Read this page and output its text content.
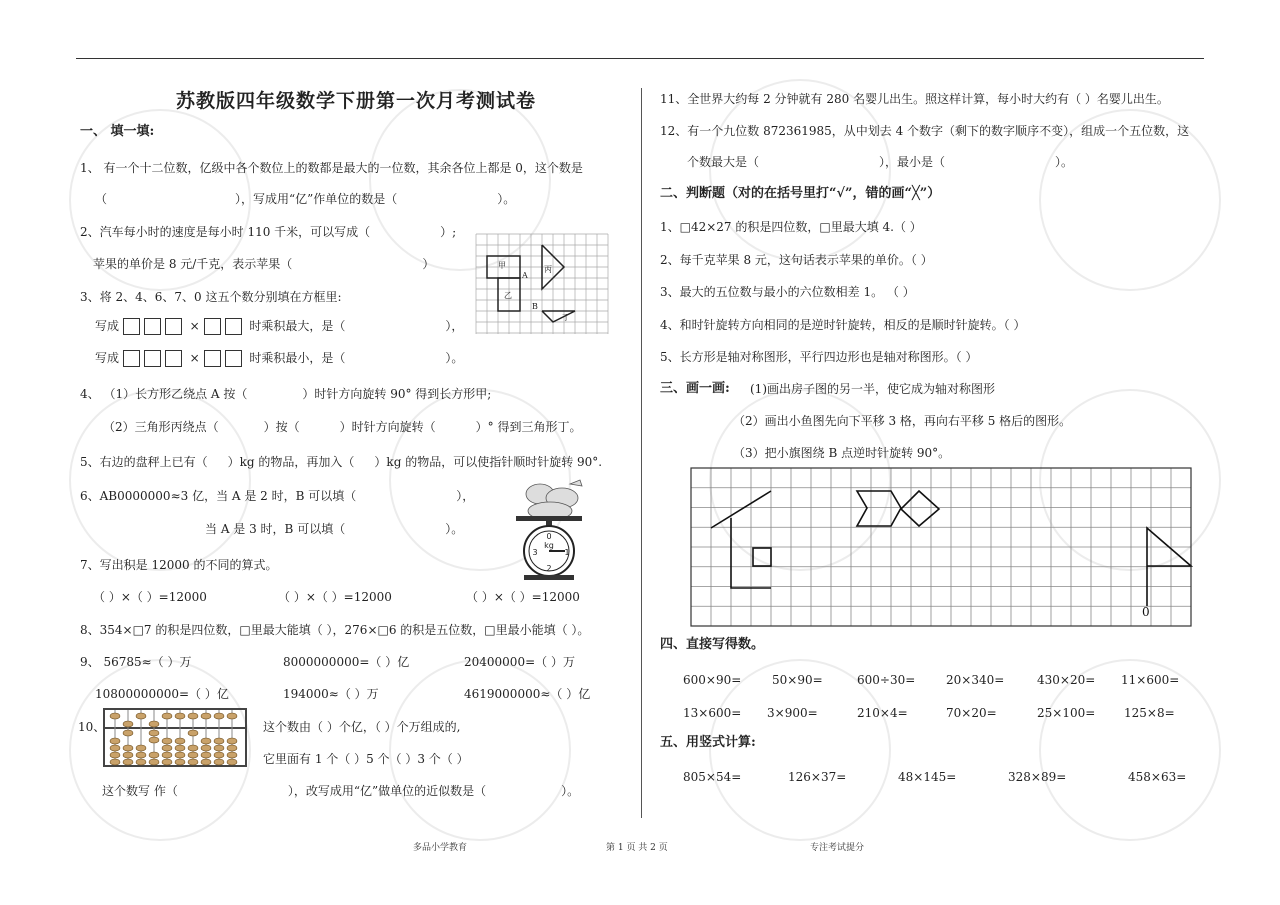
苏教版四年级数学下册第一次月考测试卷
一、 填一填:
1、 有一个十二位数，亿级中各个数位上的数都是最大的一位数，其余各位上都是 0，这个数是
（	），写成用“亿”作单位的数是（	）。
2、汽车每小时的速度是每小时 110 千米，可以写成（	）;
苹果的单价是 8 元/千克，表示苹果（	）
3、将 2、4、6、7、0 这五个数分别填在方框里:
写成	×	时乘积最大，是（	），
写成	×	时乘积最小，是（	）。
4、 （1）长方形乙绕点 A 按（	）时针方向旋转 90° 得到长方形甲;
（2）三角形丙绕点（	）按（	）时针方向旋转（	）° 得到三角形丁。
5、右边的盘秤上已有（ ）kg 的物品，再加入（ ）kg 的物品，可以使指针顺时针旋转 90°.
6、AB0000000≈3 亿，当 A 是 2 时，B 可以填（	），
当 A 是 3 时，B 可以填（	）。
7、写出积是 12000 的不同的算式。
（ ）×（ ）=12000	（ ）×（ ）=12000	（ ）×（ ）=12000
8、354×□7 的积是四位数，□里最大能填（ ），276×□6 的积是五位数，□里最小能填（ ）。
9、 56785≈（ ）万	8000000000=（ ）亿	20400000=（ ）万
10800000000=（ ）亿	194000≈（ ）万	4619000000≈（ ）亿
10、	这个数由（ ）个亿，（ ）个万组成的,
它里面有 1 个（ ）5 个（ ）3 个（ ）
这个数写 作（	），改写成用“亿”做单位的近似数是（	）。
甲
A
乙
B
丙
丁
0
3	1
kg
2
11、全世界大约每 2 分钟就有 280 名婴儿出生。照这样计算，每小时大约有（ ）名婴儿出生。
12、有一个九位数 872361985，从中划去 4 个数字（剩下的数字顺序不变），组成一个五位数，这
个数最大是（	），最小是（	）。
二、判断题（对的在括号里打“√”，错的画“╳”）
1、□42×27 的积是四位数，□里最大填 4.（ ）
2、每千克苹果 8 元，这句话表示苹果的单价。（ ）
3、最大的五位数与最小的六位数相差 1。 （ ）
4、和时针旋转方向相同的是逆时针旋转，相反的是顺时针旋转。（ ）
5、长方形是轴对称图形，平行四边形也是轴对称图形。（ ）
三、画一画: (1)画出房子图的另一半，使它成为轴对称图形
（2）画出小鱼图先向下平移 3 格，再向右平移 5 格后的图形。
（3）把小旗图绕 B 点逆时针旋转 90°。
0
四、直接写得数。
600×90=	50×90=	600÷30=	20×340=	430×20= 11×600=
13×600= 3×900=	210×4=	70×20=	25×100= 125×8=
五、用竖式计算:
805×54=	126×37=	48×145=	328×89=	458×63=
多品小学教育	第 1 页 共 2 页	专注考试提分
